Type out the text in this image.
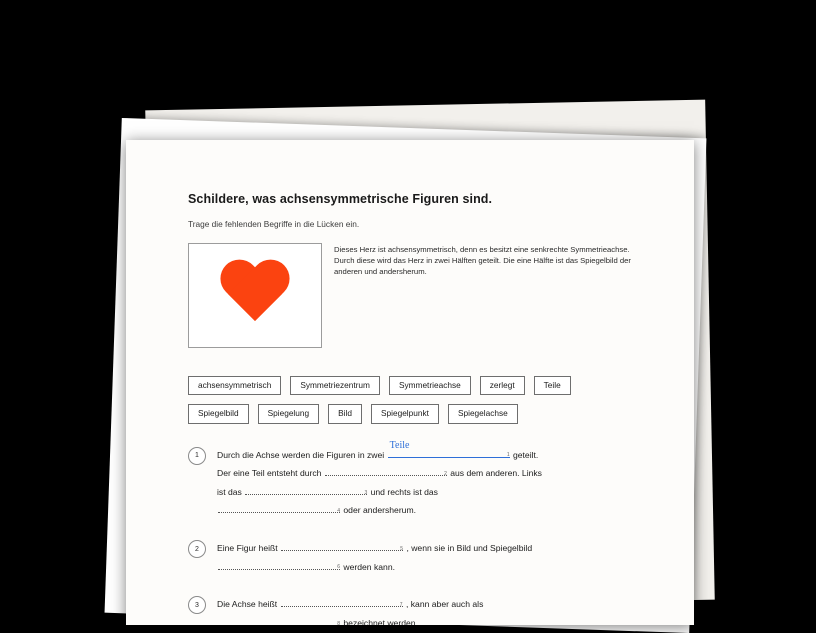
Schildere, was achsensymmetrische Figuren sind.

Trage die fehlenden Begriffe in die Lücken ein.

Dieses Herz ist achsensymmetrisch, denn es besitzt eine senkrechte Symmetrieachse.

Durch diese wird das Herz in zwei Hälften geteilt. Die eine Hälfte ist das Spiegelbild der anderen und andersherum.

achsensymmetrisch	Symmetriezentrum	Symmetrieachse	zerlegt	Teile
Spiegelbild	Spiegelung	Bild	Spiegelpunkt	Spiegelachse
1	Durch die Achse werden die Figuren in zwei
Teile
1 geteilt.
Der eine Teil entsteht durch	2 aus dem anderen. Links
ist das	3 und rechts ist das

4 oder andersherum.
2	Eine Figur heißt	5 , wenn sie in Bild und Spiegelbild

6 werden kann.
3	Die Achse heißt	7 , kann aber auch als

8 bezeichnet werden.
